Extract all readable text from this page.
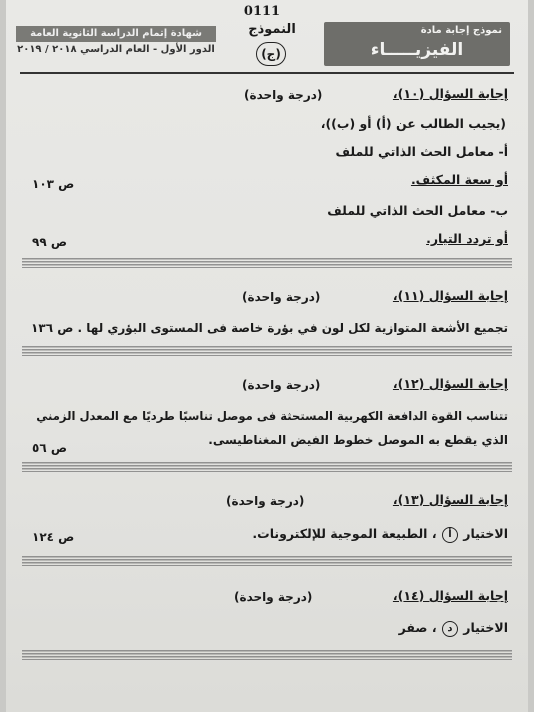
0111
نموذج إجابة مادة
الفيزيـــــاء
النموذج
(ج)
شهادة إتمام الدراسة الثانوية العامة
الدور الأول - العام الدراسي ٢٠١٨ / ٢٠١٩
إجابة السؤال (١٠)،
(درجة واحدة)
(يجيب الطالب عن (أ) أو (ب))،
أ- معامل الحث الذاتي للملف
أو سعة المكثف.
ص ١٠٣
ب- معامل الحث الذاتي للملف
أو تردد التيار.
ص ٩٩
إجابة السؤال (١١)،
(درجة واحدة)
تجميع الأشعة المتوازية لكل لون في بؤرة خاصة فى المستوى البؤري لها . ص ١٣٦
إجابة السؤال (١٢)،
(درجة واحدة)
تتناسب القوة الدافعة الكهربية المستحثة فى موصل تناسبًا طرديًا مع المعدل الزمني
الذي يقطع به الموصل خطوط الفيض المغناطيسى.
ص ٥٦
إجابة السؤال (١٣)،
(درجة واحدة)
الاختيار أ ، الطبيعة الموجية للإلكترونات.
ص ١٢٤
إجابة السؤال (١٤)،
(درجة واحدة)
الاختيار د ، صفر
